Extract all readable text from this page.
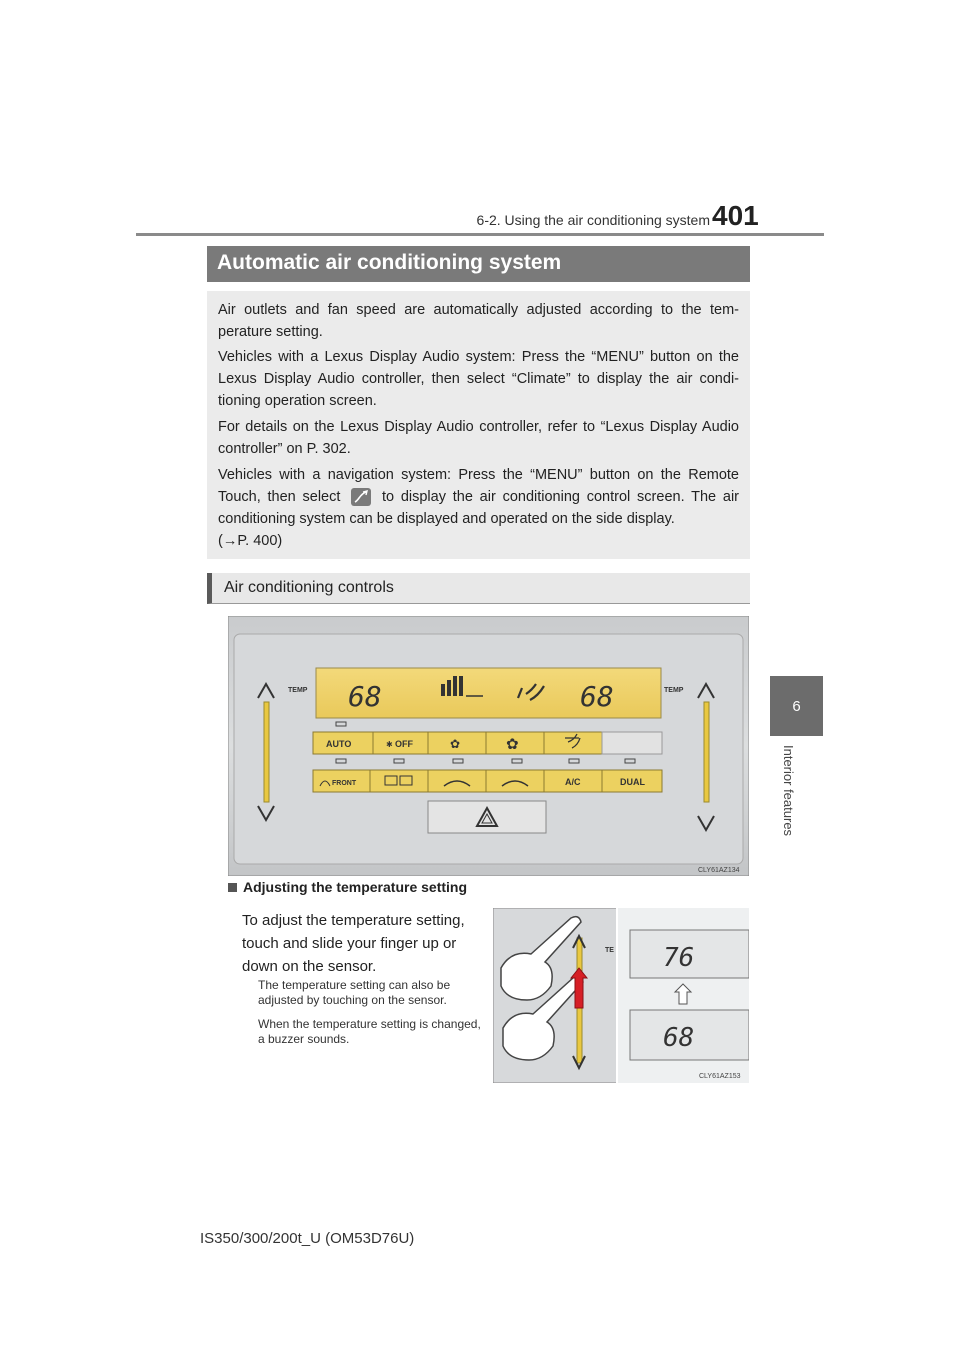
6-2. Using the air conditioning system 401
6
Interior features
Automatic air conditioning system

Air outlets and fan speed are automatically adjusted according to the tem-perature setting.

Vehicles with a Lexus Display Audio system: Press the “MENU” button on the Lexus Display Audio controller, then select “Climate” to display the air condi-tioning operation screen.

For details on the Lexus Display Audio controller, refer to “Lexus Display Audio controller” on P. 302.

Vehicles with a navigation system: Press the “MENU” button on the Remote Touch, then select	to display the air conditioning control screen. The air conditioning system can be displayed and operated on the side display.
(→P. 400)

Air conditioning controls
68	68
TEMP	TEMP
AUTO	✱ OFF	✿	✿
FRONT	A/C	DUAL
CLY61AZ134
Adjusting the temperature setting
To adjust the temperature setting, touch and slide your finger up or down on the sensor.
The temperature setting can also be adjusted by touching on the sensor.
When the temperature setting is changed, a buzzer sounds.
TE 76
68
CLY61AZ153
IS350/300/200t_U (OM53D76U)
